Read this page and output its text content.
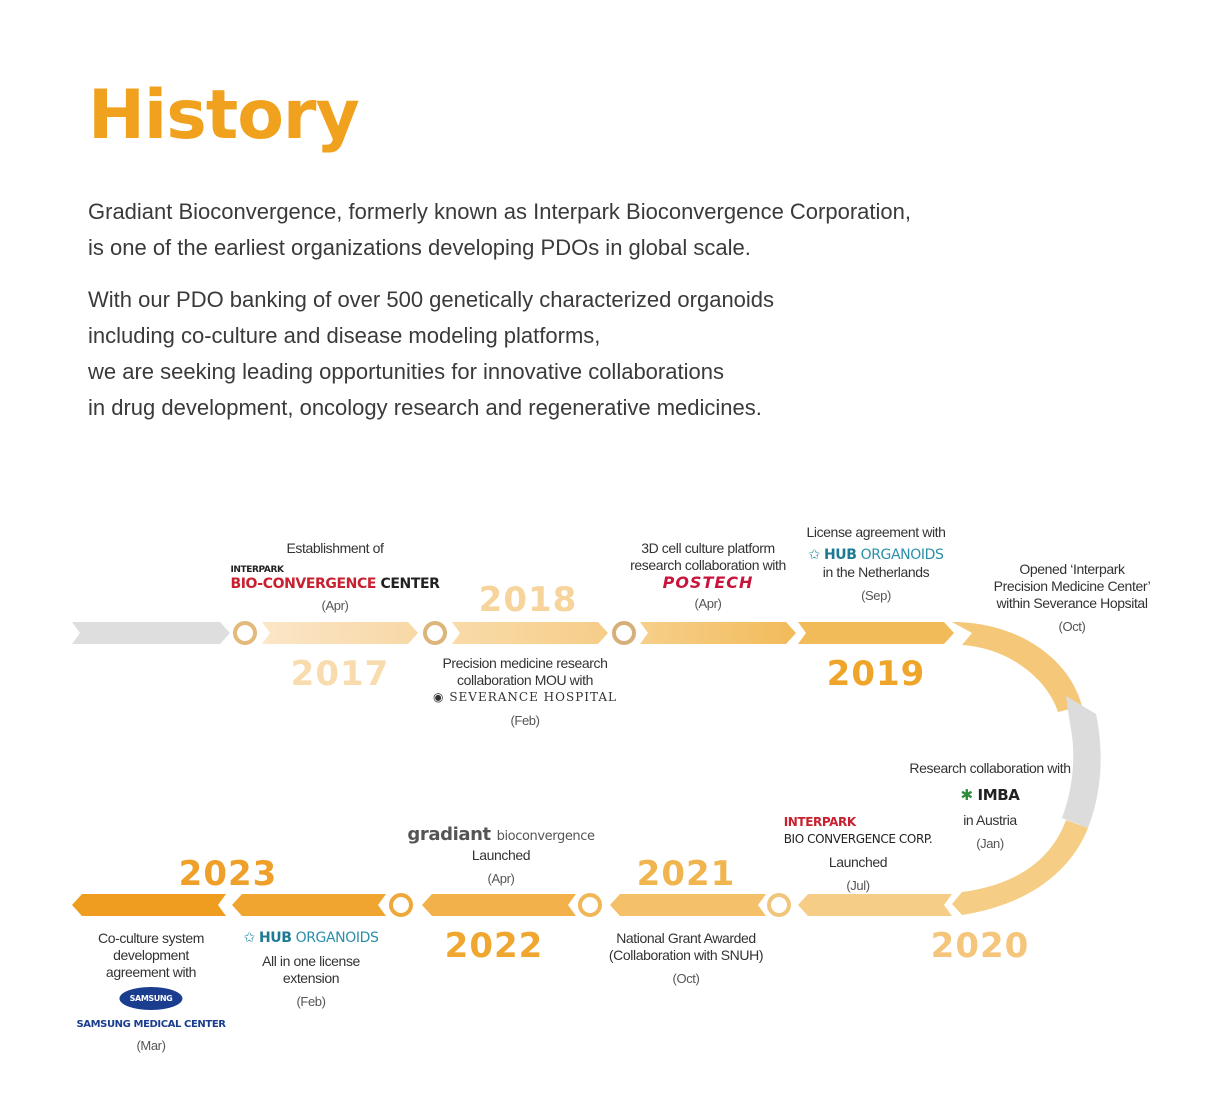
History
Gradiant Bioconvergence, formerly known as Interpark Bioconvergence Corporation,
is one of the earliest organizations developing PDOs in global scale.
With our PDO banking of over 500 genetically characterized organoids
including co-culture and disease modeling platforms,
we are seeking leading opportunities for innovative collaborations
in drug development, oncology research and regenerative medicines.
2017
2018
2019
2020
2021
2022
2023
Establishment of
INTERPARK
BIO-CONVERGENCE CENTER
(Apr)
Precision medicine research
collaboration MOU with
◉ SEVERANCE HOSPITAL
(Feb)
3D cell culture platform
research collaboration with
POSTECH
(Apr)
License agreement with
✩ HUB ORGANOIDS
in the Netherlands
(Sep)
Opened ‘Interpark
Precision Medicine Center’
within Severance Hopsital
(Oct)
Research collaboration with
✱ IMBA
in Austria
(Jan)
INTERPARK
BIO CONVERGENCE CORP.
Launched
(Jul)
National Grant Awarded
(Collaboration with SNUH)
(Oct)
gradiant bioconvergence
Launched
(Apr)
✩ HUB ORGANOIDS
All in one license
extension
(Feb)
Co-culture system
development
agreement with
SAMSUNG
SAMSUNG MEDICAL CENTER
(Mar)
